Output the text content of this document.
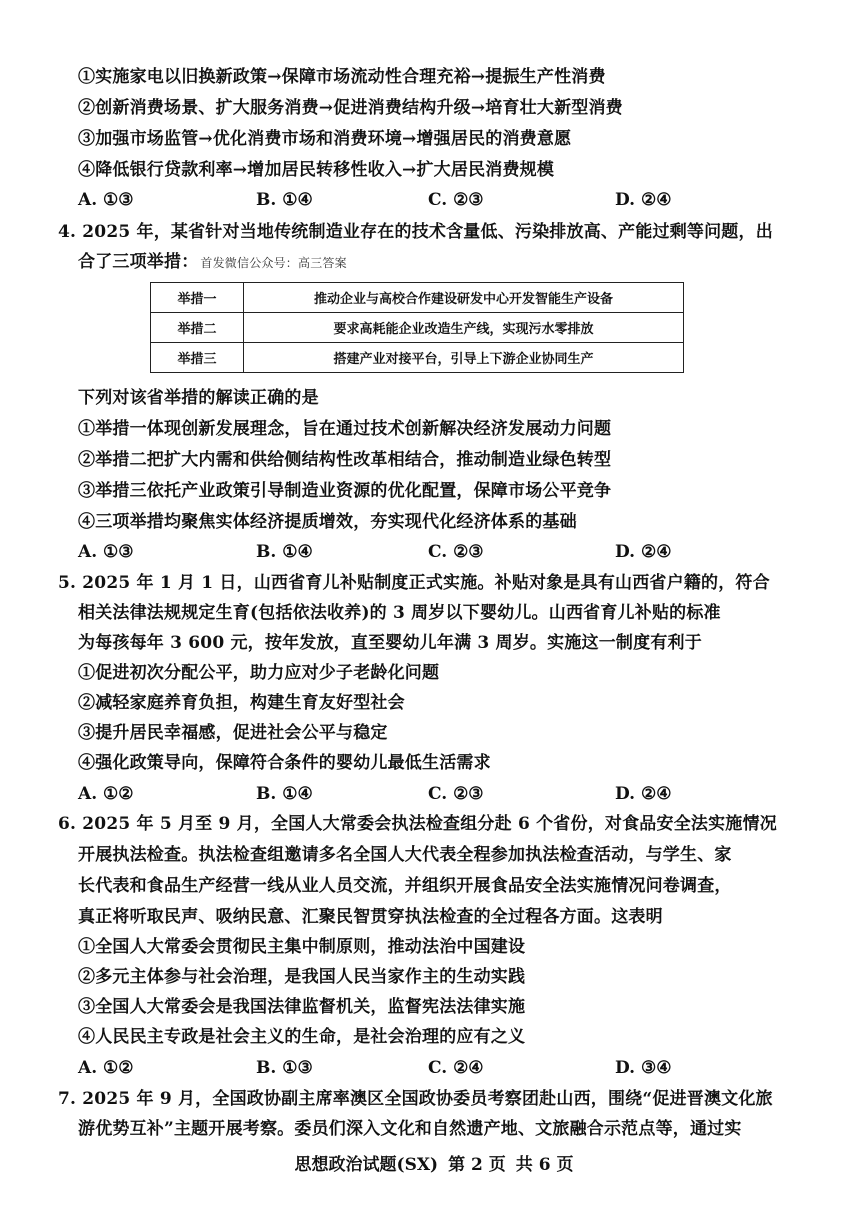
①实施家电以旧换新政策→保障市场流动性合理充裕→提振生产性消费
②创新消费场景、扩大服务消费→促进消费结构升级→培育壮大新型消费
③加强市场监管→优化消费市场和消费环境→增强居民的消费意愿
④降低银行贷款利率→增加居民转移性收入→扩大居民消费规模
A. ①③	B. ①④	C. ②③	D. ②④
4. 2025 年，某省针对当地传统制造业存在的技术含量低、污染排放高、产能过剩等问题，出
合了三项举措： 首发微信公众号：高三答案
举措一	推动企业与高校合作建设研发中心开发智能生产设备
举措二	要求高耗能企业改造生产线，实现污水零排放
举措三	搭建产业对接平台，引导上下游企业协同生产
下列对该省举措的解读正确的是
①举措一体现创新发展理念，旨在通过技术创新解决经济发展动力问题
②举措二把扩大内需和供给侧结构性改革相结合，推动制造业绿色转型
③举措三依托产业政策引导制造业资源的优化配置，保障市场公平竞争
④三项举措均聚焦实体经济提质增效，夯实现代化经济体系的基础
A. ①③	B. ①④	C. ②③	D. ②④
5. 2025 年 1 月 1 日，山西省育儿补贴制度正式实施。补贴对象是具有山西省户籍的，符合
相关法律法规规定生育(包括依法收养)的 3 周岁以下婴幼儿。山西省育儿补贴的标准
为每孩每年 3 600 元，按年发放，直至婴幼儿年满 3 周岁。实施这一制度有利于
①促进初次分配公平，助力应对少子老龄化问题
②减轻家庭养育负担，构建生育友好型社会
③提升居民幸福感，促进社会公平与稳定
④强化政策导向，保障符合条件的婴幼儿最低生活需求
A. ①②	B. ①④	C. ②③	D. ②④
6. 2025 年 5 月至 9 月，全国人大常委会执法检查组分赴 6 个省份，对食品安全法实施情况
开展执法检查。执法检查组邀请多名全国人大代表全程参加执法检查活动，与学生、家
长代表和食品生产经营一线从业人员交流，并组织开展食品安全法实施情况问卷调查，
真正将听取民声、吸纳民意、汇聚民智贯穿执法检查的全过程各方面。这表明
①全国人大常委会贯彻民主集中制原则，推动法治中国建设
②多元主体参与社会治理，是我国人民当家作主的生动实践
③全国人大常委会是我国法律监督机关，监督宪法法律实施
④人民民主专政是社会主义的生命，是社会治理的应有之义
A. ①②	B. ①③	C. ②④	D. ③④
7. 2025 年 9 月，全国政协副主席率澳区全国政协委员考察团赴山西，围绕“促进晋澳文化旅
游优势互补”主题开展考察。委员们深入文化和自然遗产地、文旅融合示范点等，通过实
思想政治试题(SX) 第 2 页 共 6 页
